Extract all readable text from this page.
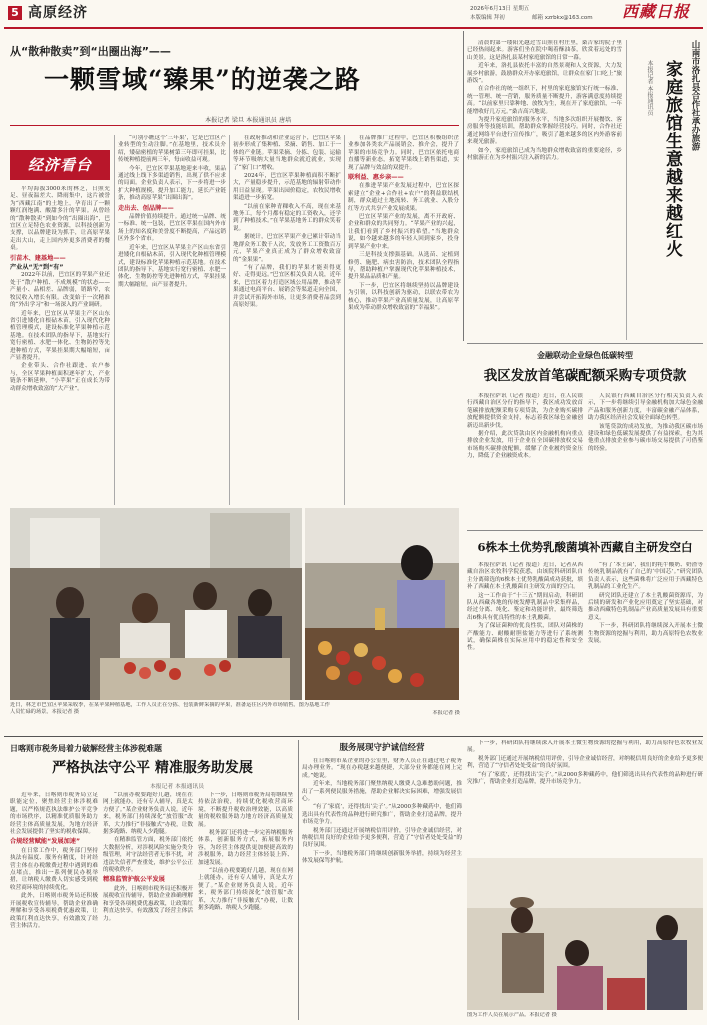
5 高原经济	2026年6月13日 星期五
本版编辑 拜初	邮箱 xzrbkx@163.com 西藏日报
从“散种散卖”到“出圈出海”——
一颗雪域“臻果”的逆袭之路
本报记者 梁旦 本报通讯员 唐培
经济看台

平均海拔3000米的林芝，日照充足、昼夜温差大、降雨集中，这片被誉为“西藏江南”的土地上，孕育出了一颗颗红润饱满、酸甜多汁的苹果。从曾经的“散种散卖”到如今的“出圈出海”，巴宜区立足特色农业资源，以科技创新为支撑，以品牌建设为抓手，让高原苹果走出大山，走上国内外更多消费者的餐桌。

引苗木、建基地——

产业从“无”到“有”

2022年以前，巴宜区的苹果产业还处于“散户种植、不成规模”的状态——产量小、品相差、品牌弱，销路窄，农牧民收入增长有限。改变始于一次精准的“外出学习”和一场深入的产业调研。

近年来，巴宜区从苹果主产区山东省引进矮化自根砧木苗，引入现代化种植管理模式，建设标准化苹果种植示范基地。在技术团队的指导下，基地实行宽行密植、水肥一体化、生物防控等先进种植方式，苹果挂果期大幅缩短，亩产显著提升。

企业带头、合作社跟进、农户参与，全区苹果种植面积逐年扩大，产业链条不断延伸，“小苹果”正在成长为带动群众增收致富的“大产业”。

“可别小瞧这个‘三年果’，它是巴宜区产业转型的生动注脚。”在基地里，技术员介绍，矮砧密植的苹果树第三年即可挂果，比传统种植提前两三年，每亩收益可观。

今年，巴宜区苹果基地迎来丰收，果品通过线上线下多渠道销售，出现了供不应求的局面。企业负责人表示，下一步将进一步扩大种植规模，提升加工能力，延长产业链条，推动高原苹果“出圈出海”。

走出去、创品牌——

品牌价值持续提升。通过统一品牌、统一标准、统一包装，巴宜区苹果在国内外市场上的知名度和美誉度不断提高，产品远销区外多个省市。

近年来，巴宜区从苹果主产区山东省引进矮化自根砧木苗，引入现代化种植管理模式，建设标准化苹果种植示范基地。在技术团队的指导下，基地实行宽行密植、水肥一体化、生物防控等先进种植方式，苹果挂果期大幅缩短，亩产显著提升。

在政府推动和企业运营下，巴宜区苹果初步形成了集种植、采摘、销售、加工于一体的产业链。苹果采摘、分拣、包装、运输等环节吸纳大量当地群众就近就业，实现了“家门口”增收。

2024年，巴宜区苹果种植面积不断扩大，产量稳步提升，示范基地的辐射带动作用日益显现。苹果出园价稳定，农牧民增收渠道进一步拓宽。

“以前在家种青稞收入不高，现在来基地务工，每个月都有稳定的工资收入，还学到了种植技术。”在苹果基地务工的群众笑着说。

据统计，巴宜区苹果产业已累计带动当地群众务工数千人次，发放务工工资数百万元，苹果产业真正成为了群众增收致富的“金果果”。

“有了品牌，我们的苹果才能卖得更好、走得更远。”巴宜区相关负责人说，近年来，巴宜区着力打造区域公用品牌，推动苹果通过电商平台、展销会等渠道走向全国，并尝试开拓海外市场，让更多消费者品尝到高原好果。

在品牌推广过程中，巴宜区积极组织企业参加各类农产品展销会、推介会，提升了苹果的市场竞争力。同时，巴宜区依托电商直播等新业态，拓宽苹果线上销售渠道，实现了品牌与效益的双提升。

联利益、惠乡亲——

在推进苹果产业发展过程中，巴宜区探索建立“企业+合作社+农户”的利益联结机制，群众通过土地流转、务工就业、入股分红等方式共享产业发展成果。

巴宜区苹果产业的发展，离不开政府、企业和群众的共同努力。“苹果产业的兴起，让我们看到了乡村振兴的希望。”当地群众说，如今越来越多的年轻人回到家乡，投身到苹果产业中来。

三是科技支撑强基础。从选苗、定植到修剪、施肥、病虫害防治，技术团队全程指导，帮助种植户掌握现代化苹果种植技术，提升果品品质和产量。

下一步，巴宜区将继续坚持以品牌建设为引领，以科技创新为驱动，以联农带农为核心，推动苹果产业高质量发展，让高原苹果成为带动群众增收致富的“幸福果”。

近日，林芝市巴宜区苹果采收季，在某苹果种植基地，工作人员正在分拣、包装新鲜采摘的苹果，准备运往区内外市场销售。图为基地工作人员忙碌的场景。本报记者 摄	本报记者 摄

清晨的第一缕阳光越过雪山照在村庄里，桑吉家的院子里已经热闹起来。游客们坐在院中喝着酥油茶，欣赏着远处的雪山美景。这是洛扎县某村家庭旅馆的日常一幕。

近年来，洛扎县依托丰富的自然景观和人文资源，大力发展乡村旅游，鼓励群众开办家庭旅馆，让群众在家门口吃上“旅游饭”。

在合作社的统一组织下，村里的家庭旅馆实行统一标准、统一管理、统一营销，服务质量不断提升，游客满意度持续提高。“以前家里只靠种地、放牧为生，现在开了家庭旅馆，一年能增收好几万元。”桑吉高兴地说。

为提升家庭旅馆的服务水平，当地多次组织开展餐饮、客房服务等技能培训，帮助群众掌握经营技巧。同时，合作社还通过网络平台进行宣传推广，吸引了越来越多的区内外游客前来观光旅游。

如今，家庭旅馆已成为当地群众增收致富的重要途径，乡村旅游正在为乡村振兴注入新的活力。

山南市洛扎县合作社承办旅游
家庭旅馆生意越来越红火
本报记者 本报通讯员
金融联动企业绿色低碳转型
我区发放首笔碳配额采购专项贷款

本报拉萨讯（记者 报道）近日，在人民银行西藏自治区分行的指导下，我区成功发放首笔碳排放配额采购专项贷款，为企业购买碳排放配额提供资金支持，标志着我区绿色金融创新迈出新步伐。

据介绍，此次贷款由区内金融机构向重点排放企业发放，用于企业在全国碳排放权交易市场购买碳排放配额，缓解了企业履约资金压力，降低了企业融资成本。

人民银行西藏自治区分行相关负责人表示，下一步将继续引导金融机构加大绿色金融产品和服务创新力度，丰富碳金融产品体系，助力我区经济社会发展全面绿色转型。

该笔贷款的成功发放，为推动我区碳市场建设和绿色低碳发展提供了有益探索，也为其他重点排放企业参与碳市场交易提供了可借鉴的经验。

6株本土优势乳酸菌填补西藏自主研发空白

本报拉萨讯（记者 报道）近日，记者从西藏自治区农牧科学院获悉，由该院科研团队自主分离筛选的6株本土优势乳酸菌成功获批，填补了西藏在本土乳酸菌自主研发方面的空白。

这一工作由于“十三五”期间启动，科研团队从西藏各地的传统发酵乳制品中采集样品，经过分离、纯化、鉴定和功能评价，最终筛选出6株具有优良特性的本土乳酸菌。

为了保证菌种的优良性状，团队对菌株的产酸能力、耐酸耐胆盐能力等进行了系统测试，确保菌株在实际应用中的稳定性和安全性。

“有了‘本土菌’，我们的牦牛酸奶、奶渣等传统乳制品就有了自己的‘中国芯’。”研究团队负责人表示，这些菌株将广泛应用于西藏特色乳制品的工业化生产。

研究团队还建立了本土乳酸菌资源库，为后续的研发和产业化应用奠定了坚实基础，对推动西藏特色乳制品产业高质量发展具有重要意义。

下一步，科研团队将继续深入开展本土微生物资源的挖掘与利用，助力高原特色农牧业发展。

日喀则市税务局着力破解经营主体涉税难题
严格执法守公平 精准服务助发展
本报记者 本报通讯员

近年来，日喀则市税务局立足职能定位，聚焦经营主体涉税难题，以严格规范执法维护公平竞争的市场秩序，以精准优质服务助力经营主体高质量发展，为地方经济社会发展提供了坚实的税收保障。

合规经营赋能“发展加速”

在日常工作中，税务部门坚持执法有温度、服务有精度，针对经营主体在办税缴费过程中遇到的难点堵点，推出一系列便民办税举措，让纳税人缴费人切实感受到税收营商环境的持续优化。

此外，日喀则市税务局还积极开展税收宣传辅导，帮助企业准确理解和享受各项税费优惠政策，让政策红利直达快享，有效激发了经营主体活力。

“以前办税要跑好几趟，现在在网上就能办，还有专人辅导，真是太方便了。”某企业财务负责人说。近年来，税务部门持续深化“放管服”改革，大力推行“非接触式”办税，让数据多跑路、纳税人少跑腿。

在精准监管方面，税务部门依托大数据分析，对涉税风险实施分类分级管理，对守法经营者无事不扰，对违法失信者严查重处，维护公平公正的税收秩序。

精准监管护航公平发展

此外，日喀则市税务局还积极开展税收宣传辅导，帮助企业准确理解和享受各项税费优惠政策，让政策红利直达快享，有效激发了经营主体活力。

下一步，日喀则市税务局将继续坚持依法治税，持续优化税收营商环境，不断提升税收治理效能，以高质量的税收服务助力地方经济高质量发展。

税务部门还将进一步完善纳税服务体系，创新服务方式，拓展服务内容，为经营主体提供更加便捷高效的涉税服务，助力经营主体轻装上阵、加速发展。

“以前办税要跑好几趟，现在在网上就能办，还有专人辅导，真是太方便了。”某企业财务负责人说。近年来，税务部门持续深化“放管服”改革，大力推行“非接触式”办税，让数据多跑路、纳税人少跑腿。

服务展现守护诚信经营

在日喀则市某企业的办公室里，财务人员正在通过电子税务局办理业务。“现在办税越来越便捷，大部分业务都能在网上完成。”她说。

近年来，当地税务部门聚焦纳税人缴费人急难愁盼问题，推出了一系列便民服务措施，帮助企业解决实际困难，增强发展信心。

“有了‘家底’，还得找出‘尖子’。”从2000多种藏药中，他们筛选出具有代表性的品种进行研究推广，帮助企业打造品牌，提升市场竞争力。

税务部门还通过开展纳税信用评价，引导企业诚信经营，对纳税信用良好的企业给予更多便利，营造了“守信者处处受益”的良好氛围。

下一步，当地税务部门将继续创新服务举措，持续为经营主体发展保驾护航。

下一步，科研团队将继续深入开展本土微生物资源的挖掘与利用，助力高原特色农牧业发展。

税务部门还通过开展纳税信用评价，引导企业诚信经营，对纳税信用良好的企业给予更多便利，营造了“守信者处处受益”的良好氛围。

“有了‘家底’，还得找出‘尖子’。”从2000多种藏药中，他们筛选出具有代表性的品种进行研究推广，帮助企业打造品牌，提升市场竞争力。

图为工作人员在展示产品。本报记者 摄
